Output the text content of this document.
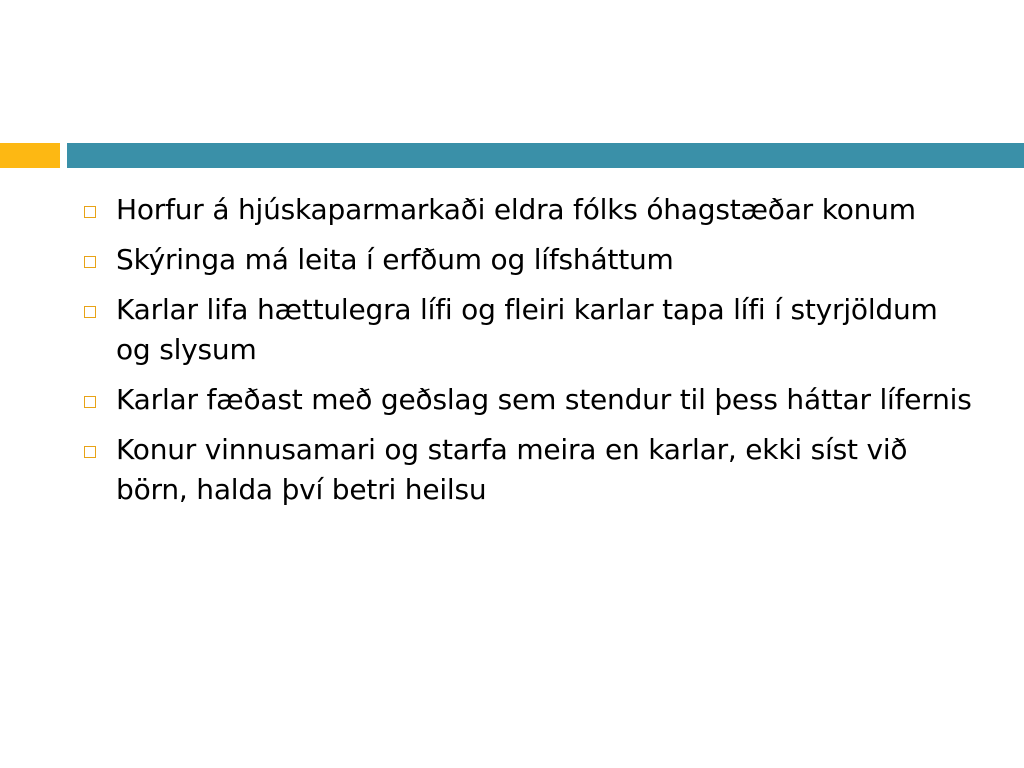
Horfur á hjúskaparmarkaði eldra fólks óhagstæðar konum
Skýringa má leita í erfðum og lífsháttum
Karlar lifa hættulegra lífi og fleiri karlar tapa lífi í styrjöldum og slysum
Karlar fæðast með geðslag sem stendur til þess háttar lífernis
Konur vinnusamari og starfa meira en karlar, ekki síst við börn, halda því betri heilsu
